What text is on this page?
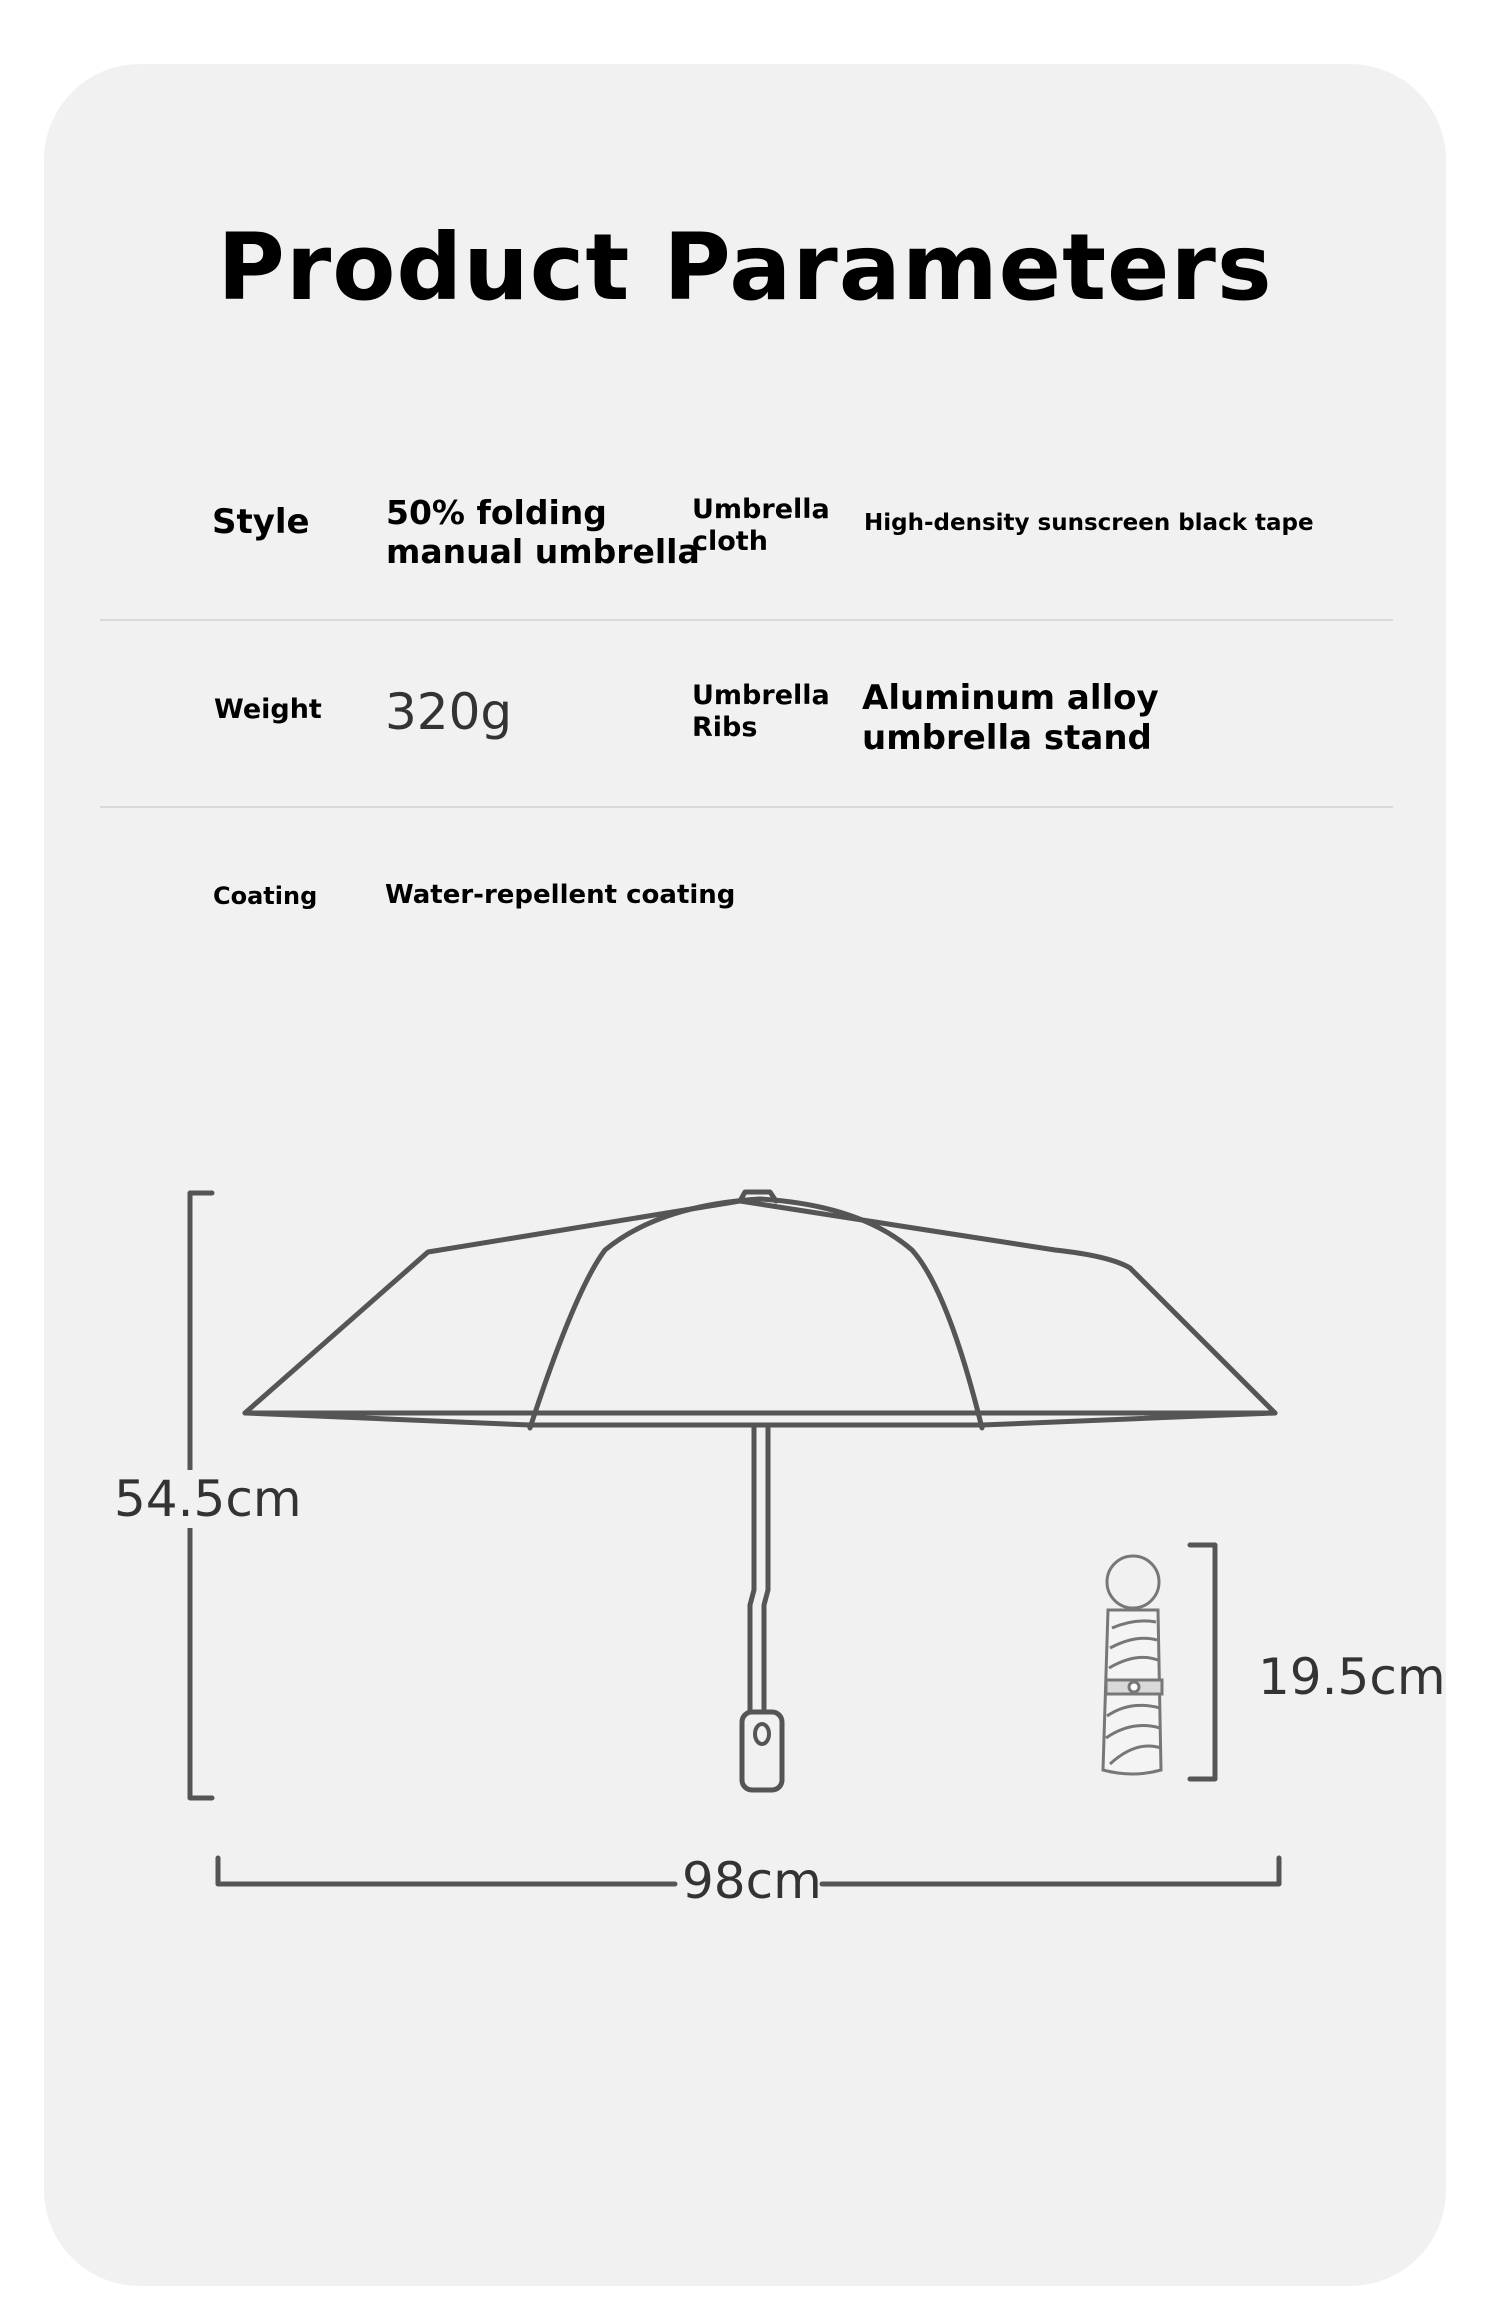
Product Parameters
Style 50% folding
manual umbrella
Umbrella
cloth
High-density sunscreen black tape
Weight 320g	Umbrella
Ribs
Aluminum alloy
umbrella stand
Coating	Water-repellent coating
54.5cm
98cm
19.5cm
